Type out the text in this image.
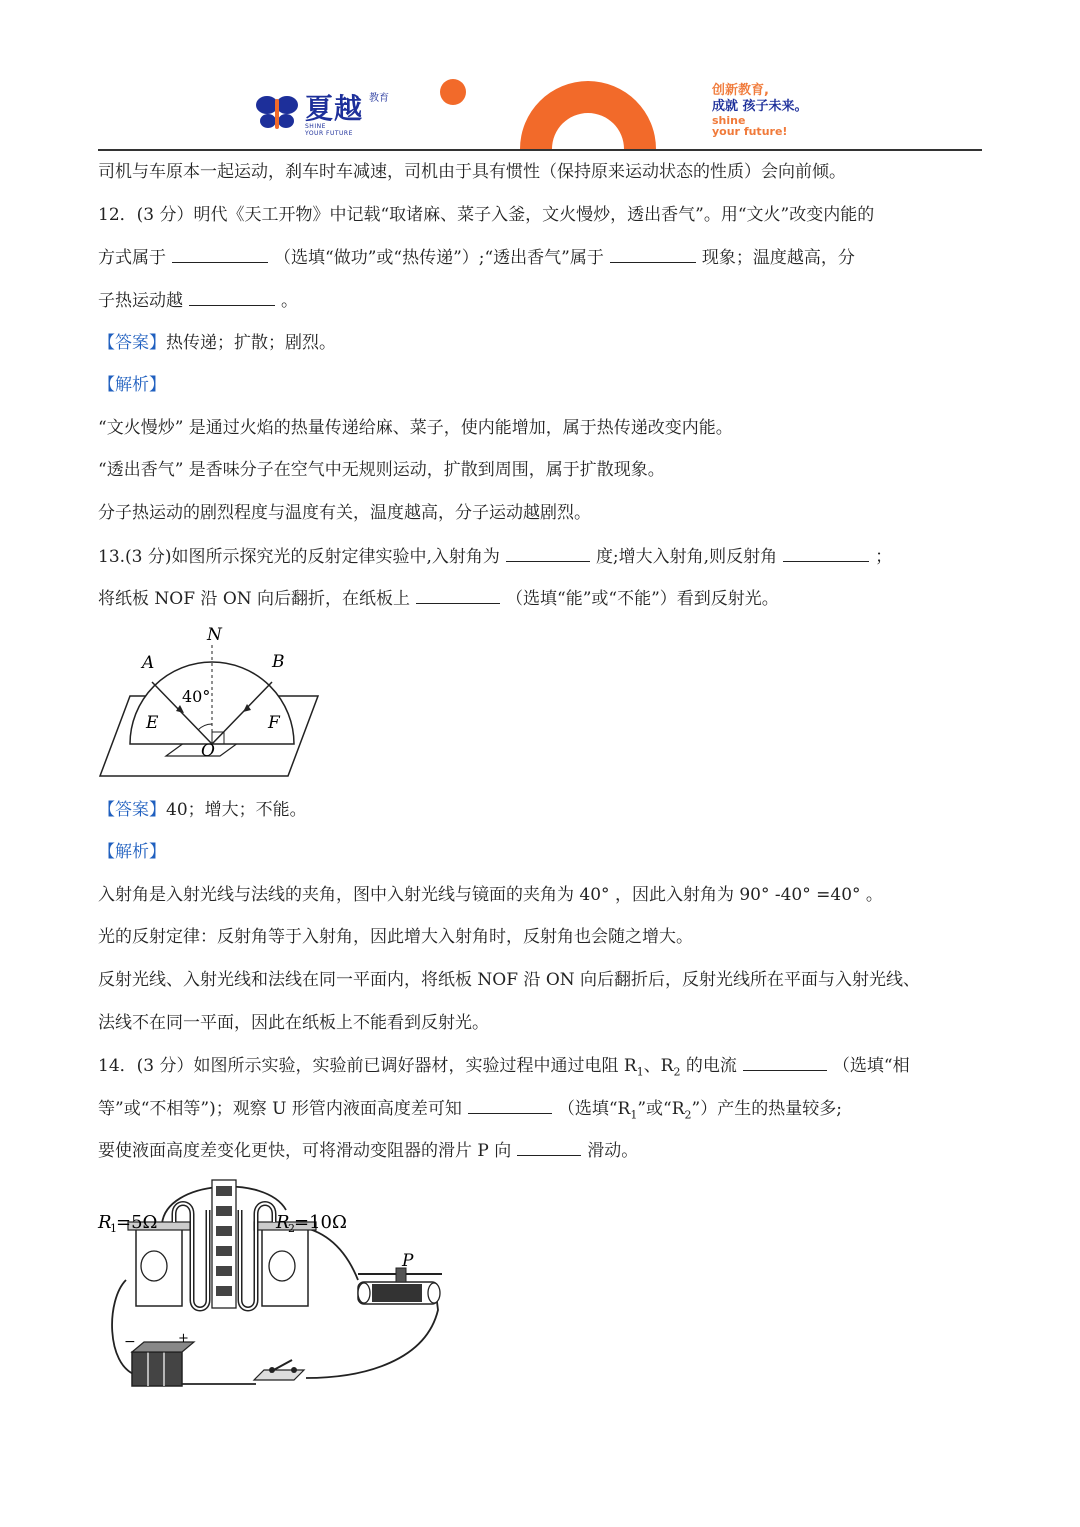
夏越 教育
SHINE
YOUR FUTURE
创新教育,
成就 孩子未来。
shine
your future!
司机与车原本一起运动，刹车时车减速，司机由于具有惯性（保持原来运动状态的性质）会向前倾。
12．(3 分）明代《天工开物》中记载“取诸麻、菜子入釜，文火慢炒，透出香气”。用“文火”改变内能的
方式属于	（选填“做功”或“热传递”）;“透出香气”属于	现象；温度越高，分
子热运动越	。
【答案】热传递；扩散；剧烈。
【解析】
“文火慢炒” 是通过火焰的热量传递给麻、菜子，使内能增加，属于热传递改变内能。
“透出香气” 是香味分子在空气中无规则运动，扩散到周围，属于扩散现象。
分子热运动的剧烈程度与温度有关，温度越高，分子运动越剧烈。
13.(3 分)如图所示探究光的反射定律实验中,入射角为	度;增大入射角,则反射角	；
将纸板 NOF 沿 ON 向后翻折，在纸板上	（选填“能”或“不能”）看到反射光。
N
A	B
40°
E	F
O
【答案】40；增大；不能。
【解析】
入射角是入射光线与法线的夹角，图中入射光线与镜面的夹角为 40° ，因此入射角为 90° -40° =40° 。
光的反射定律：反射角等于入射角，因此增大入射角时，反射角也会随之增大。
反射光线、入射光线和法线在同一平面内，将纸板 NOF 沿 ON 向后翻折后，反射光线所在平面与入射光线、
法线不在同一平面，因此在纸板上不能看到反射光。
14．(3 分）如图所示实验，实验前已调好器材，实验过程中通过电阻 $R_1$、$R_2$ 的电流	（选填“相
等”或“不相等”)；观察 U 形管内液面高度差可知	（选填“$R_1$”或“$R_2$”）产生的热量较多;
要使液面高度差变化更快，可将滑动变阻器的滑片 P 向	滑动。
R
1 =5Ω	R
2 =10Ω
P
−	+
